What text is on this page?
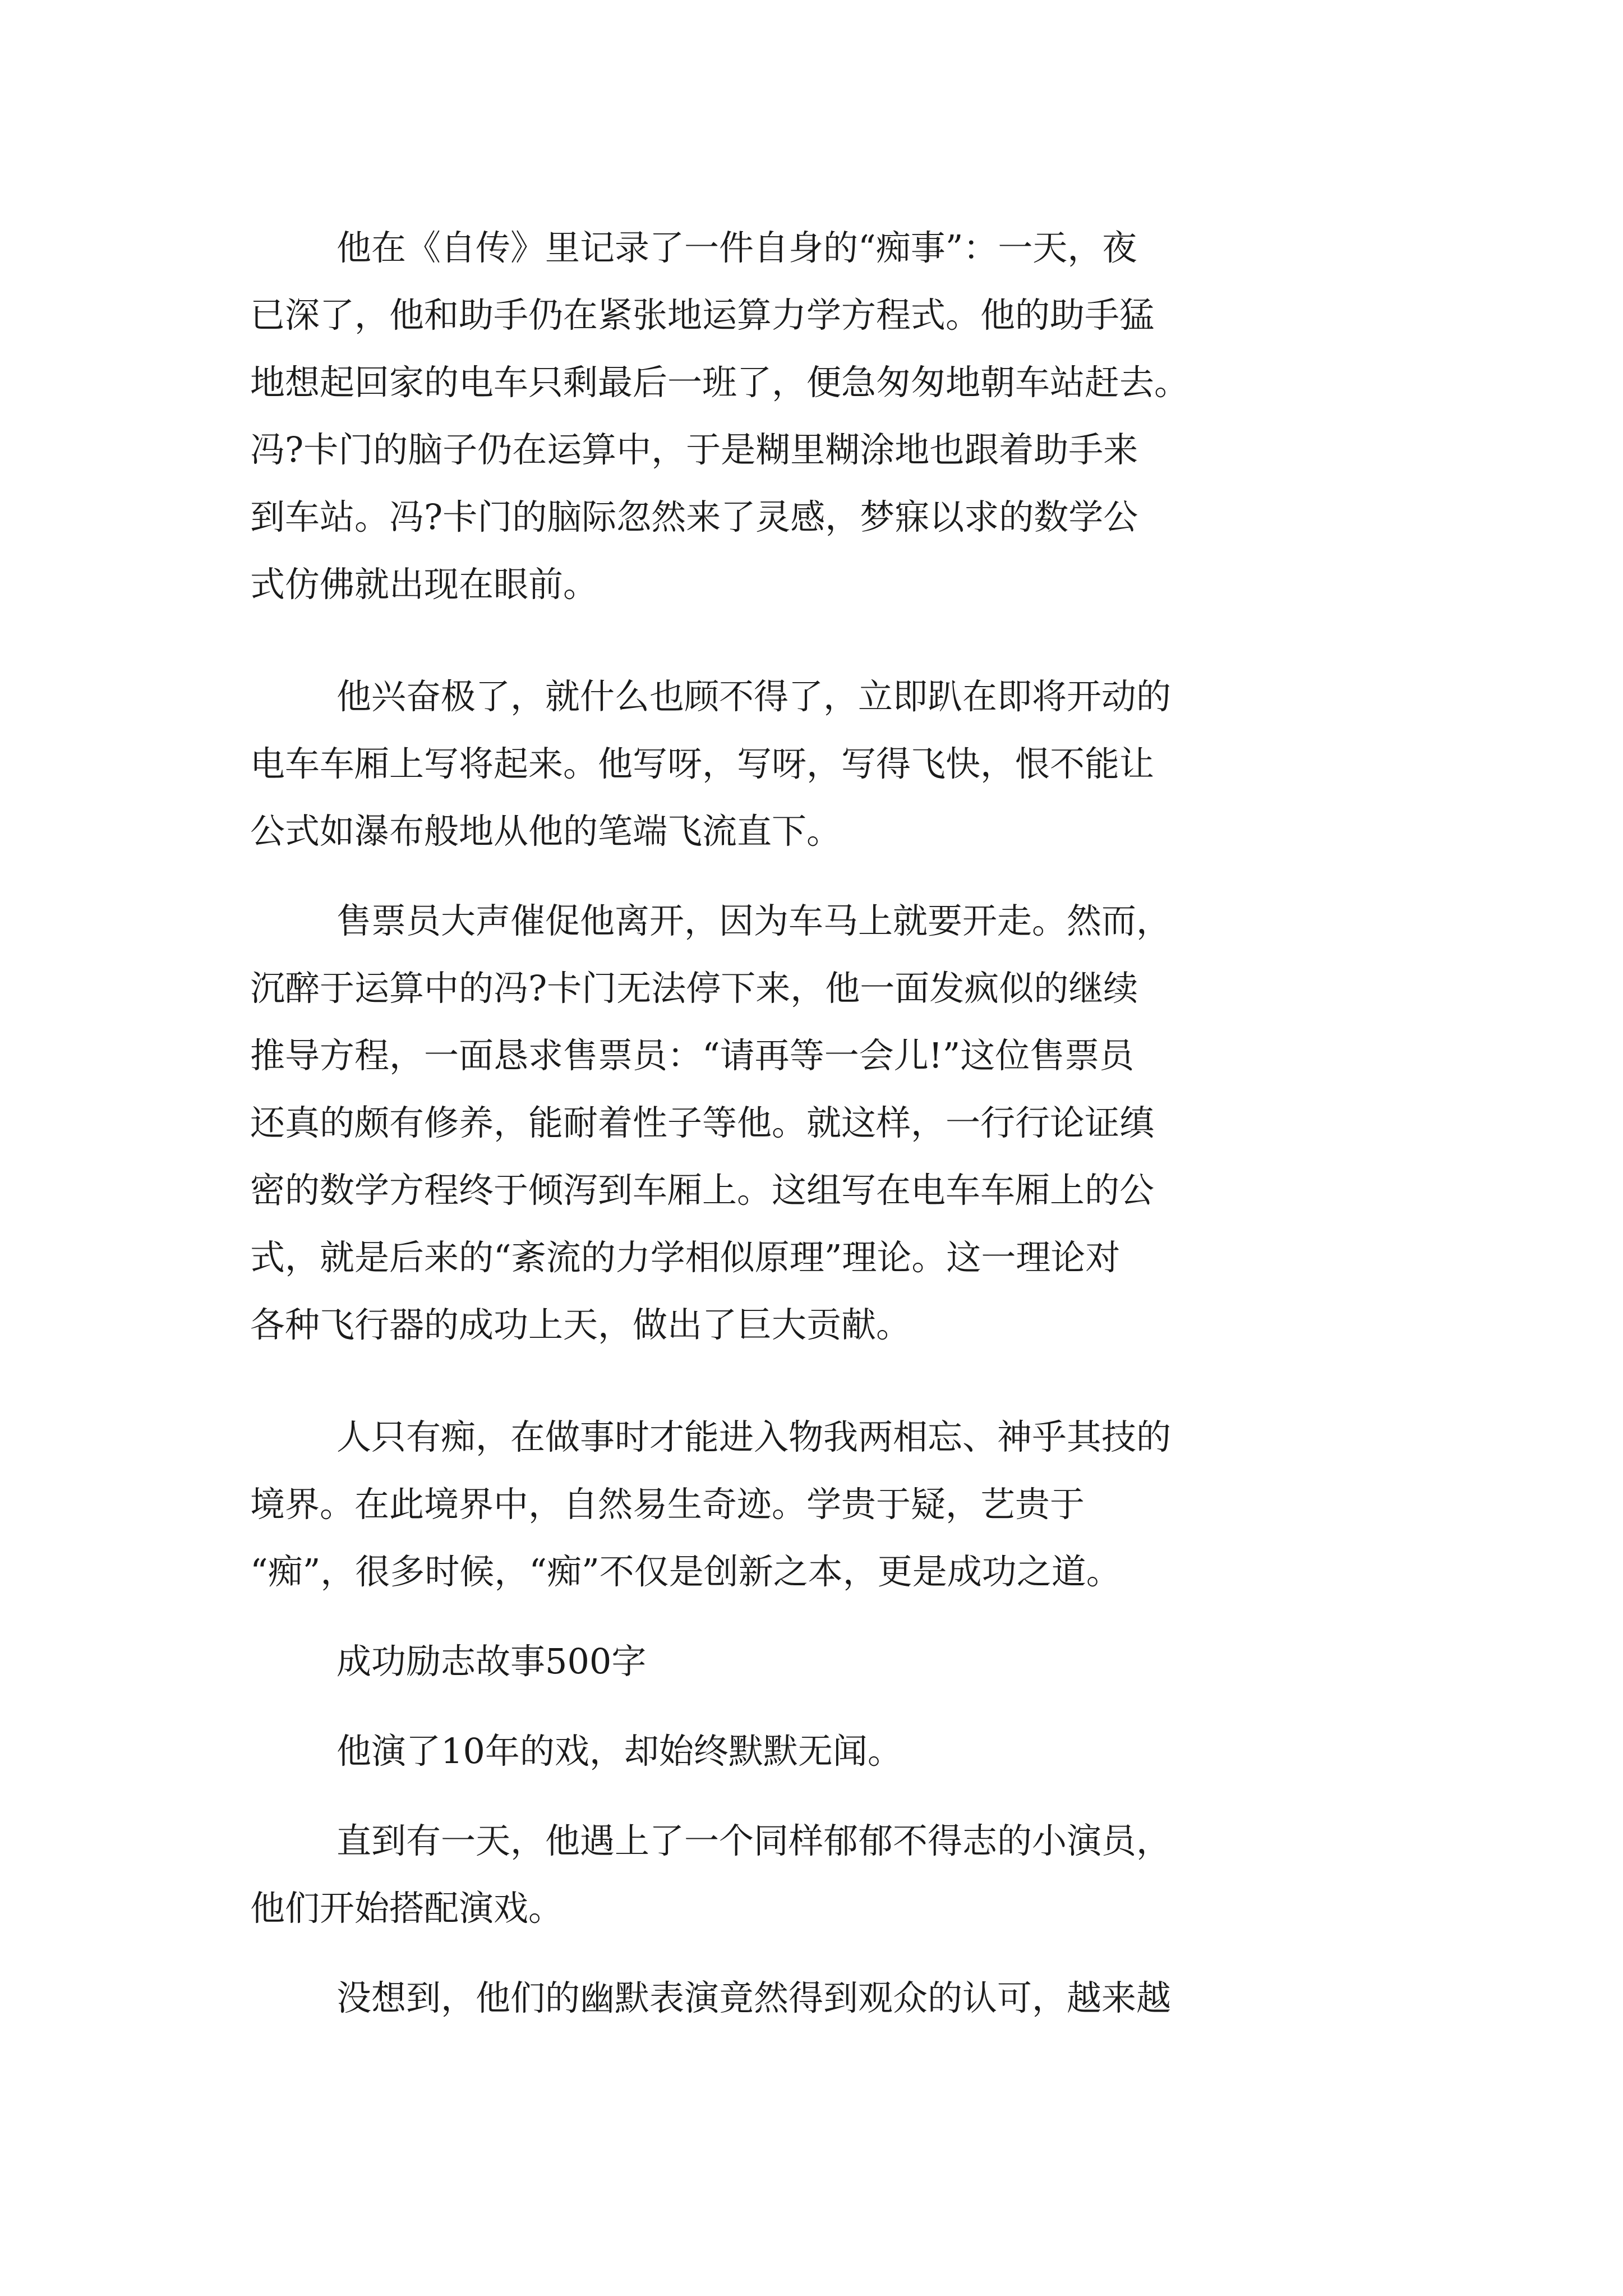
他在《自传》里记录了一件自身的“痴事”：一天，夜
已深了，他和助手仍在紧张地运算力学方程式。他的助手猛
地想起回家的电车只剩最后一班了，便急匆匆地朝车站赶去。
冯?卡门的脑子仍在运算中，于是糊里糊涂地也跟着助手来
到车站。冯?卡门的脑际忽然来了灵感，梦寐以求的数学公
式仿佛就出现在眼前。
他兴奋极了，就什么也顾不得了，立即趴在即将开动的
电车车厢上写将起来。他写呀，写呀，写得飞快，恨不能让
公式如瀑布般地从他的笔端飞流直下。
售票员大声催促他离开，因为车马上就要开走。然而，
沉醉于运算中的冯?卡门无法停下来，他一面发疯似的继续
推导方程，一面恳求售票员：“请再等一会儿!”这位售票员
还真的颇有修养，能耐着性子等他。就这样，一行行论证缜
密的数学方程终于倾泻到车厢上。这组写在电车车厢上的公
式，就是后来的“紊流的力学相似原理”理论。这一理论对
各种飞行器的成功上天，做出了巨大贡献。
人只有痴，在做事时才能进入物我两相忘、神乎其技的
境界。在此境界中，自然易生奇迹。学贵于疑，艺贵于
“痴”，很多时候，“痴”不仅是创新之本，更是成功之道。
成功励志故事500字
他演了10年的戏，却始终默默无闻。
直到有一天，他遇上了一个同样郁郁不得志的小演员，
他们开始搭配演戏。
没想到，他们的幽默表演竟然得到观众的认可，越来越
